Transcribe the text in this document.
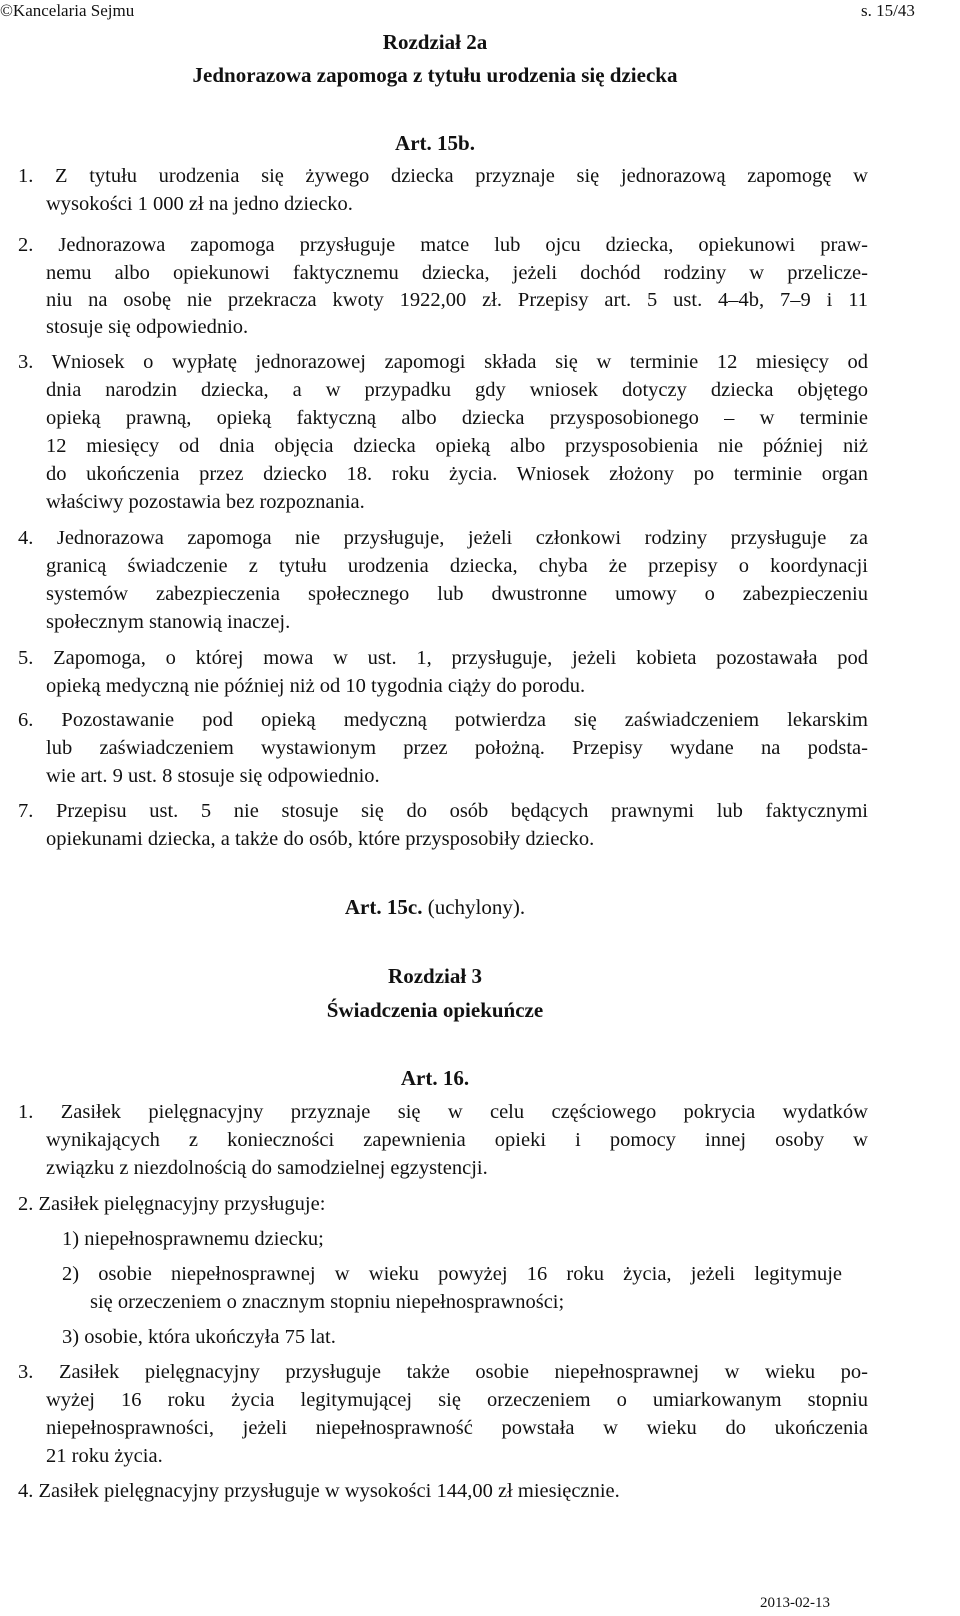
©Kancelaria Sejmu	s. 15/43
Rozdział 2a
Jednorazowa zapomoga z tytułu urodzenia się dziecka
Art. 15b.
1. Z tytułu urodzenia się żywego dziecka przyznaje się jednorazową zapomogę w
wysokości 1 000 zł na jedno dziecko.
2. Jednorazowa zapomoga przysługuje matce lub ojcu dziecka, opiekunowi praw-
nemu albo opiekunowi faktycznemu dziecka, jeżeli dochód rodziny w przelicze-
niu na osobę nie przekracza kwoty 1922,00 zł. Przepisy art. 5 ust. 4–4b, 7–9 i 11
stosuje się odpowiednio.
3. Wniosek o wypłatę jednorazowej zapomogi składa się w terminie 12 miesięcy od
dnia narodzin dziecka, a w przypadku gdy wniosek dotyczy dziecka objętego
opieką prawną, opieką faktyczną albo dziecka przysposobionego – w terminie
12 miesięcy od dnia objęcia dziecka opieką albo przysposobienia nie później niż
do ukończenia przez dziecko 18. roku życia. Wniosek złożony po terminie organ
właściwy pozostawia bez rozpoznania.
4. Jednorazowa zapomoga nie przysługuje, jeżeli członkowi rodziny przysługuje za
granicą świadczenie z tytułu urodzenia dziecka, chyba że przepisy o koordynacji
systemów zabezpieczenia społecznego lub dwustronne umowy o zabezpieczeniu
społecznym stanowią inaczej.
5. Zapomoga, o której mowa w ust. 1, przysługuje, jeżeli kobieta pozostawała pod
opieką medyczną nie później niż od 10 tygodnia ciąży do porodu.
6. Pozostawanie pod opieką medyczną potwierdza się zaświadczeniem lekarskim
lub zaświadczeniem wystawionym przez położną. Przepisy wydane na podsta-
wie art. 9 ust. 8 stosuje się odpowiednio.
7. Przepisu ust. 5 nie stosuje się do osób będących prawnymi lub faktycznymi
opiekunami dziecka, a także do osób, które przysposobiły dziecko.
Art. 15c. (uchylony).
Rozdział 3
Świadczenia opiekuńcze
Art. 16.
1. Zasiłek pielęgnacyjny przyznaje się w celu częściowego pokrycia wydatków
wynikających z konieczności zapewnienia opieki i pomocy innej osoby w
związku z niezdolnością do samodzielnej egzystencji.
2. Zasiłek pielęgnacyjny przysługuje:
1) niepełnosprawnemu dziecku;
2) osobie niepełnosprawnej w wieku powyżej 16 roku życia, jeżeli legitymuje
się orzeczeniem o znacznym stopniu niepełnosprawności;
3) osobie, która ukończyła 75 lat.
3. Zasiłek pielęgnacyjny przysługuje także osobie niepełnosprawnej w wieku po-
wyżej 16 roku życia legitymującej się orzeczeniem o umiarkowanym stopniu
niepełnosprawności, jeżeli niepełnosprawność powstała w wieku do ukończenia
21 roku życia.
4. Zasiłek pielęgnacyjny przysługuje w wysokości 144,00 zł miesięcznie.
2013-02-13
